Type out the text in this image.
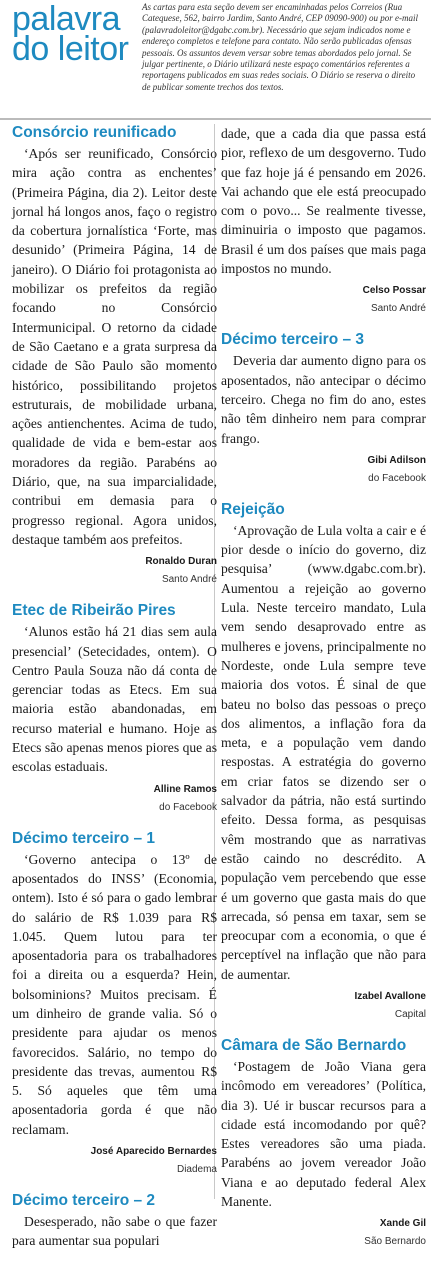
palavra
do leitor
As cartas para esta seção devem ser encaminhadas pelos Correios (Rua Catequese, 562, bairro Jardim, Santo André, CEP 09090-900) ou por e-mail (palavradoleitor@dgabc.com.br). Necessário que sejam indicados nome e endereço completos e telefone para contato. Não serão publicadas ofensas pessoais. Os assuntos devem versar sobre temas abordados pelo jornal. Se julgar pertinente, o Diário utilizará neste espaço comentários referentes a reportagens publicados em suas redes sociais. O Diário se reserva o direito de publicar somente trechos dos textos.
Consórcio reunificado

‘Após ser reunificado, Consórcio mira ação contra as enchentes’ (Primeira Página, dia 2). Leitor deste jornal há longos anos, faço o registro da cobertura jornalística ‘Forte, mas desunido’ (Primeira Página, 14 de janeiro). O Diário foi protagonista ao mobilizar os prefeitos da região focando no Consórcio Intermunicipal. O retorno da cidade de São Caetano e a grata surpresa da cidade de São Paulo são momento histórico, possibilitando projetos estruturais, de mobilidade urbana, ações antienchentes. Acima de tudo, qualidade de vida e bem-estar aos moradores da região. Parabéns ao Diário, que, na sua imparcialidade, contribui em demasia para o progresso regional. Agora unidos, destaque também aos prefeitos.

Ronaldo Duran
Santo André
Etec de Ribeirão Pires

‘Alunos estão há 21 dias sem aula presencial’ (Setecidades, ontem). O Centro Paula Souza não dá conta de gerenciar todas as Etecs. Em sua maioria estão abandonadas, em recurso material e humano. Hoje as Etecs são apenas menos piores que as escolas estaduais.

Alline Ramos
do Facebook
Décimo terceiro – 1

‘Governo antecipa o 13º de aposentados do INSS’ (Economia, ontem). Isto é só para o gado lembrar do salário de R$ 1.039 para R$ 1.045. Quem lutou para ter aposentadoria para os trabalhadores foi a direita ou a esquerda? Hein, bolsominions? Muitos precisam. É um dinheiro de grande valia. Só o presidente para ajudar os menos favorecidos. Salário, no tempo do presidente das trevas, aumentou R$ 5. Só aqueles que têm uma aposentadoria gorda é que não reclamam.

José Aparecido Bernardes
Diadema
Décimo terceiro – 2

Desesperado, não sabe o que fazer para aumentar sua populari

dade, que a cada dia que passa está pior, reflexo de um desgoverno. Tudo que faz hoje já é pensando em 2026. Vai achando que ele está preocupado com o povo... Se realmente tivesse, diminuiria o imposto que pagamos. Brasil é um dos países que mais paga impostos no mundo.

Celso Possar
Santo André
Décimo terceiro – 3

Deveria dar aumento digno para os aposentados, não antecipar o décimo terceiro. Chega no fim do ano, estes não têm dinheiro nem para comprar frango.

Gibi Adilson
do Facebook
Rejeição

‘Aprovação de Lula volta a cair e é pior desde o início do governo, diz pesquisa’ (www.dgabc.com.br). Aumentou a rejeição ao governo Lula. Neste terceiro mandato, Lula vem sendo desaprovado entre as mulheres e jovens, principalmente no Nordeste, onde Lula sempre teve maioria dos votos. É sinal de que bateu no bolso das pessoas o preço dos alimentos, a inflação fora da meta, e a população vem dando respostas. A estratégia do governo em criar fatos se dizendo ser o salvador da pátria, não está surtindo efeito. Dessa forma, as pesquisas vêm mostrando que as narrativas estão caindo no descrédito. A população vem percebendo que esse é um governo que gasta mais do que arrecada, só pensa em taxar, sem se preocupar com a economia, o que é perceptível na inflação que não para de aumentar.

Izabel Avallone
Capital
Câmara de São Bernardo

‘Postagem de João Viana gera incômodo em vereadores’ (Política, dia 3). Ué ir buscar recursos para a cidade está incomodando por quê? Estes vereadores são uma piada. Parabéns ao jovem vereador João Viana e ao deputado federal Alex Manente.

Xande Gil
São Bernardo
